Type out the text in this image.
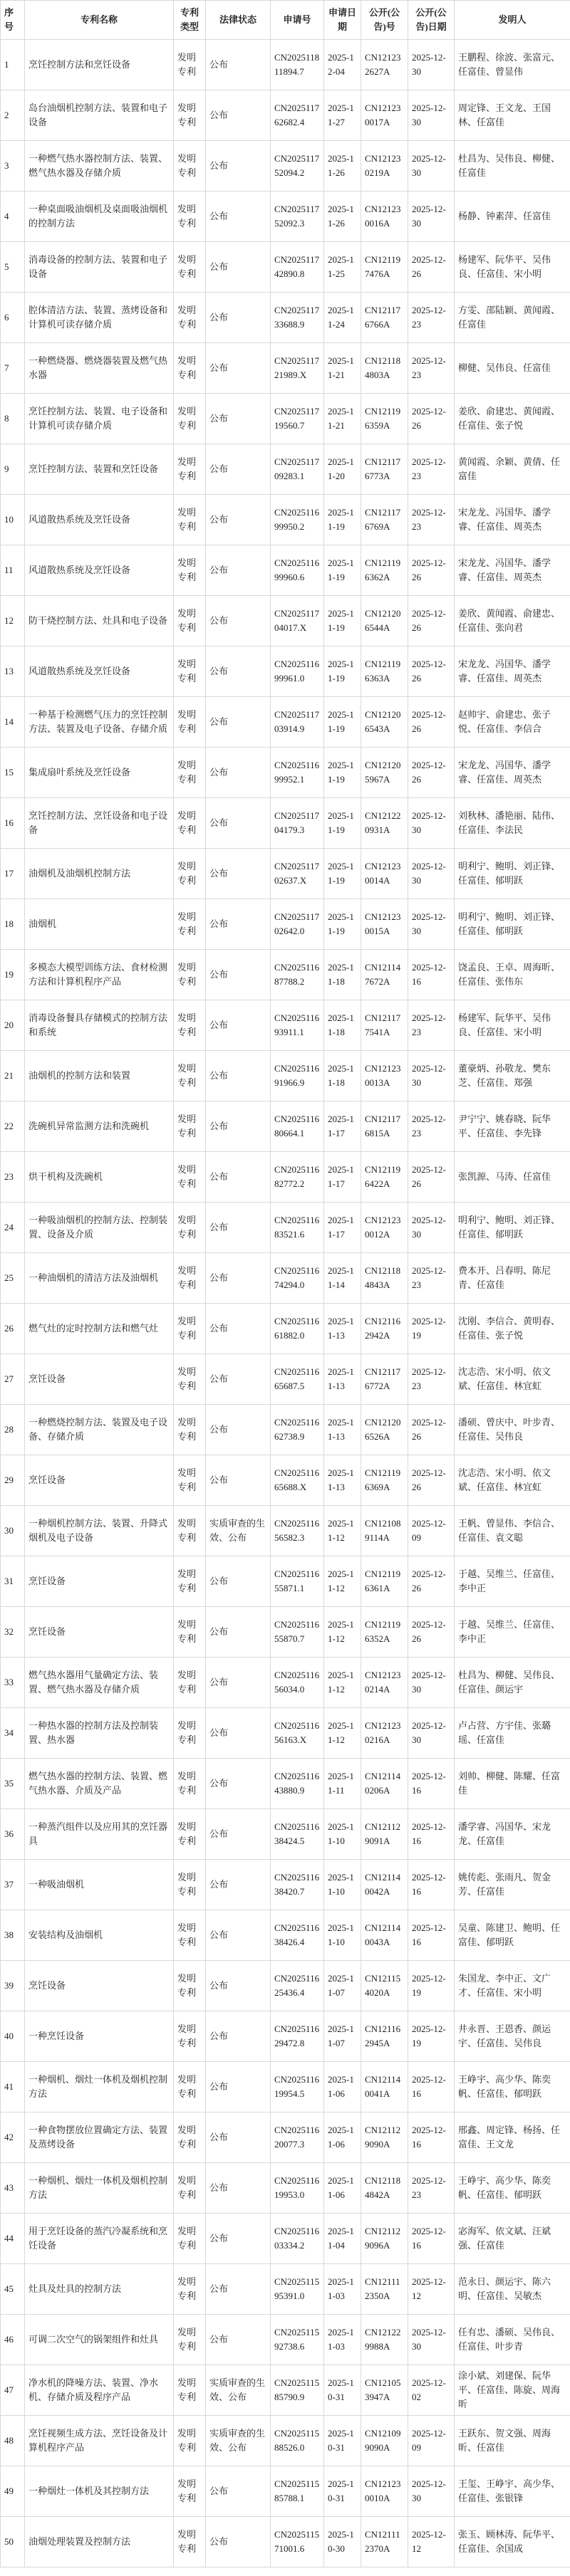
序号	专利名称	专利类型	法律状态	申请号	申请日期	公开(公告)号	公开(公告)日期	发明人
1	烹饪控制方法和烹饪设备	发明专利	公布	CN202511811894.7	2025-12-04	CN121232627A	2025-12-30	王鹏程、徐波、张富元、任富佳、曾显伟
2	岛台油烟机控制方法、装置和电子设备	发明专利	公布	CN202511762682.4	2025-11-27	CN121230017A	2025-12-30	周定锋、王文龙、王国林、任富佳
3	一种燃气热水器控制方法、装置、燃气热水器及存储介质	发明专利	公布	CN202511752094.2	2025-11-26	CN121230219A	2025-12-30	杜昌为、吴伟良、柳健、任富佳
4	一种桌面吸油烟机及桌面吸油烟机的控制方法	发明专利	公布	CN202511752092.3	2025-11-26	CN121230016A	2025-12-30	杨静、钟素萍、任富佳
5	消毒设备的控制方法、装置和电子设备	发明专利	公布	CN202511742890.8	2025-11-25	CN121197476A	2025-12-26	杨建军、阮华平、吴伟良、任富佳、宋小明
6	腔体清洁方法、装置、蒸烤设备和计算机可读存储介质	发明专利	公布	CN202511733688.9	2025-11-24	CN121176766A	2025-12-23	方雯、邵陆颖、黄闻霞、任富佳
7	一种燃烧器、燃烧器装置及燃气热水器	发明专利	公布	CN202511721989.X	2025-11-21	CN121184803A	2025-12-23	柳健、吴伟良、任富佳
8	烹饪控制方法、装置、电子设备和计算机可读存储介质	发明专利	公布	CN202511719560.7	2025-11-21	CN121196359A	2025-12-26	姜欣、俞建忠、黄闻霞、任富佳、张子悦
9	烹饪控制方法、装置和烹饪设备	发明专利	公布	CN202511709283.1	2025-11-20	CN121176773A	2025-12-23	黄闻霞、余颖、黄倩、任富佳
10	风道散热系统及烹饪设备	发明专利	公布	CN202511699950.2	2025-11-19	CN121176769A	2025-12-23	宋龙龙、冯国华、潘学睿、任富佳、周英杰
11	风道散热系统及烹饪设备	发明专利	公布	CN202511699960.6	2025-11-19	CN121196362A	2025-12-26	宋龙龙、冯国华、潘学睿、任富佳、周英杰
12	防干烧控制方法、灶具和电子设备	发明专利	公布	CN202511704017.X	2025-11-19	CN121206544A	2025-12-26	姜欣、黄闻霞、俞建忠、任富佳、张向君
13	风道散热系统及烹饪设备	发明专利	公布	CN202511699961.0	2025-11-19	CN121196363A	2025-12-26	宋龙龙、冯国华、潘学睿、任富佳、周英杰
14	一种基于检测燃气压力的烹饪控制方法、装置及电子设备、存储介质	发明专利	公布	CN202511703914.9	2025-11-19	CN121206543A	2025-12-26	赵帅宇、俞建忠、张子悦、任富佳、李信合
15	集成扇叶系统及烹饪设备	发明专利	公布	CN202511699952.1	2025-11-19	CN121205967A	2025-12-26	宋龙龙、冯国华、潘学睿、任富佳、周英杰
16	烹饪控制方法、烹饪设备和电子设备	发明专利	公布	CN202511704179.3	2025-11-19	CN121220931A	2025-12-30	刘秋林、潘艳丽、陆伟、任富佳、李法民
17	油烟机及油烟机控制方法	发明专利	公布	CN202511702637.X	2025-11-19	CN121230014A	2025-12-30	明利宁、鲍明、刘正锋、任富佳、郁明跃
18	油烟机	发明专利	公布	CN202511702642.0	2025-11-19	CN121230015A	2025-12-30	明利宁、鲍明、刘正锋、任富佳、郁明跃
19	多模态大模型训练方法、食材检测方法和计算机程序产品	发明专利	公布	CN202511687788.2	2025-11-18	CN121147672A	2025-12-16	饶孟良、王卓、周海昕、任富佳、张伟东
20	消毒设备餐具存储模式的控制方法和系统	发明专利	公布	CN202511693911.1	2025-11-18	CN121177541A	2025-12-23	杨建军、阮华平、吴伟良、任富佳、宋小明
21	油烟机的控制方法和装置	发明专利	公布	CN202511691966.9	2025-11-18	CN121230013A	2025-12-30	董豪炳、孙敬龙、樊东芝、任富佳、郑强
22	洗碗机异常监测方法和洗碗机	发明专利	公布	CN202511680664.1	2025-11-17	CN121176815A	2025-12-23	尹宁宁、姚春晓、阮华平、任富佳、李先锋
23	烘干机构及洗碗机	发明专利	公布	CN202511682772.2	2025-11-17	CN121196422A	2025-12-26	张凯源、马涛、任富佳
24	一种吸油烟机的控制方法、控制装置、设备及介质	发明专利	公布	CN202511683521.6	2025-11-17	CN121230012A	2025-12-30	明利宁、鲍明、刘正锋、任富佳、郁明跃
25	一种油烟机的清洁方法及油烟机	发明专利	公布	CN202511674294.0	2025-11-14	CN121184843A	2025-12-23	费本开、吕春明、陈尼青、任富佳
26	燃气灶的定时控制方法和燃气灶	发明专利	公布	CN202511661882.0	2025-11-13	CN121162942A	2025-12-19	沈刚、李信合、黄明春、任富佳、张子悦
27	烹饪设备	发明专利	公布	CN202511665687.5	2025-11-13	CN121176772A	2025-12-23	沈志浩、宋小明、依文斌、任富佳、林宜虹
28	一种燃烧控制方法、装置及电子设备、存储介质	发明专利	公布	CN202511662738.9	2025-11-13	CN121206526A	2025-12-26	潘硕、曾庆中、叶步青、任富佳、吴伟良
29	烹饪设备	发明专利	公布	CN202511665688.X	2025-11-13	CN121196369A	2025-12-26	沈志浩、宋小明、依文斌、任富佳、林宜虹
30	一种烟机控制方法、装置、升降式烟机及电子设备	发明专利	实质审查的生效、公布	CN202511656582.3	2025-11-12	CN121089114A	2025-12-09	王帆、曾显伟、李信合、任富佳、袁文聪
31	烹饪设备	发明专利	公布	CN202511655871.1	2025-11-12	CN121196361A	2025-12-26	于越、吴维兰、任富佳、李中正
32	烹饪设备	发明专利	公布	CN202511655870.7	2025-11-12	CN121196352A	2025-12-26	于越、吴维兰、任富佳、李中正
33	燃气热水器用气量确定方法、装置、燃气热水器及存储介质	发明专利	公布	CN202511656034.0	2025-11-12	CN121230214A	2025-12-30	杜昌为、柳健、吴伟良、任富佳、颜运宇
34	一种热水器的控制方法及控制装置、热水器	发明专利	公布	CN202511656163.X	2025-11-12	CN121230216A	2025-12-30	卢占营、方宇佳、张璐瑶、任富佳
35	燃气热水器的控制方法、装置、燃气热水器、介质及产品	发明专利	公布	CN202511643880.9	2025-11-11	CN121140206A	2025-12-16	刘帅、柳健、陈耀、任富佳
36	一种蒸汽组件以及应用其的烹饪器具	发明专利	公布	CN202511638424.5	2025-11-10	CN121129091A	2025-12-16	潘学睿、冯国华、宋龙龙、任富佳
37	一种吸油烟机	发明专利	公布	CN202511638420.7	2025-11-10	CN121140042A	2025-12-16	姚传彪、张雨凡、贺金芳、任富佳
38	安装结构及油烟机	发明专利	公布	CN202511638426.4	2025-11-10	CN121140043A	2025-12-16	吴童、陈建卫、鲍明、任富佳、郁明跃
39	烹饪设备	发明专利	公布	CN202511625436.4	2025-11-07	CN121154020A	2025-12-19	朱国龙、李中正、文广才、任富佳、宋小明
40	一种烹饪设备	发明专利	公布	CN202511629472.8	2025-11-07	CN121162945A	2025-12-19	井永晋、王恩香、颜运宇、任富佳、吴伟良
41	一种烟机、烟灶一体机及烟机控制方法	发明专利	公布	CN202511619954.5	2025-11-06	CN121140041A	2025-12-16	王峥宇、高少华、陈奕帆、任富佳、郁明跃
42	一种食物摆放位置确定方法、装置及蒸烤设备	发明专利	公布	CN202511620077.3	2025-11-06	CN121129090A	2025-12-16	邢鑫、周定锋、杨扬、任富佳、王文龙
43	一种烟机、烟灶一体机及烟机控制方法	发明专利	公布	CN202511619953.0	2025-11-06	CN121184842A	2025-12-23	王峥宇、高少华、陈奕帆、任富佳、郁明跃
44	用于烹饪设备的蒸汽冷凝系统和烹饪设备	发明专利	公布	CN202511603334.2	2025-11-04	CN121129096A	2025-12-16	宓海军、依文斌、汪斌强、任富佳
45	灶具及灶具的控制方法	发明专利	公布	CN202511595391.0	2025-11-03	CN121112350A	2025-12-12	范永日、颜运宇、陈六明、任富佳、吴敏杰
46	可调二次空气的锅架组件和灶具	发明专利	公布	CN202511592738.6	2025-11-03	CN121229988A	2025-12-30	任有忠、潘硕、吴伟良、任富佳、叶步青
47	净水机的降噪方法、装置、净水机、存储介质及程序产品	发明专利	实质审查的生效、公布	CN202511585790.9	2025-10-31	CN121053947A	2025-12-02	涂小斌、刘建保、阮华平、任富佳、陈旋、周海昕
48	烹饪视频生成方法、烹饪设备及计算机程序产品	发明专利	实质审查的生效、公布	CN202511588526.0	2025-10-31	CN121099090A	2025-12-09	王跃东、贺文强、周海昕、任富佳
49	一种烟灶一体机及其控制方法	发明专利	公布	CN202511585788.1	2025-10-31	CN121230010A	2025-12-30	王玺、王峥宇、高少华、任富佳、张银锋
50	油烟处理装置及控制方法	发明专利	公布	CN202511571001.6	2025-10-30	CN121112370A	2025-12-12	张玉、顾林涛、阮华平、任富佳、余国成
